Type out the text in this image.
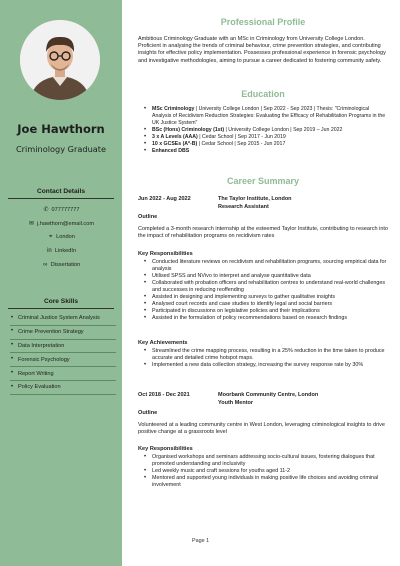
Joe Hawthorn
Criminology Graduate
Contact Details
✆ 077777777
✉ j.hawthorn@email.com
⌖ London
in LinkedIn
∞ Dissertation
Core Skills
• Criminal Justice System Analysis
• Crime Prevention Strategy
• Data Interpretation
• Forensic Psychology
• Report Writing
• Policy Evaluation
Professional Profile
Ambitious Criminology Graduate with an MSc in Criminology from University College London. Proficient in analysing the trends of criminal behaviour, crime prevention strategies, and contributing insights for effective policy implementation. Possesses professional experience in forensic psychology and investigative methodologies, aiming to pursue a career dedicated to fostering community safety.
Education
• MSc Criminology | University College London | Sep 2022 - Sep 2023 | Thesis: "Criminological Analysis of Recidivism Reduction Strategies: Evaluating the Efficacy of Rehabilitation Programs in the UK Justice System"
• BSc (Hons) Criminology (1st) | University College London | Sep 2019 – Jun 2022
• 3 x A Levels (AAA) | Cedar School | Sep 2017 - Jun 2019
• 10 x GCSEs (A*-B) | Cedar School | Sep 2015 - Jun 2017
• Enhanced DBS
Career Summary
Jun 2022 - Aug 2022	The Taylor Institute, London
Research Assistant
Outline
Completed a 3-month research internship at the esteemed Taylor Institute, contributing to research into the impact of rehabilitation programs on recidivism rates
Key Responsibilities
• Conducted literature reviews on recidivism and rehabilitation programs, sourcing empirical data for analysis
• Utilised SPSS and NVivo to interpret and analyse quantitative data
• Collaborated with probation officers and rehabilitation centres to understand real-world challenges and successes in reducing reoffending
• Assisted in designing and implementing surveys to gather qualitative insights
• Analysed court records and case studies to identify legal and social barriers
• Participated in discussions on legislative policies and their implications
• Assisted in the formulation of policy recommendations based on research findings
Key Achievements
• Streamlined the crime mapping process, resulting in a 25% reduction in the time taken to produce accurate and detailed crime hotspot maps.
• Implemented a new data collection strategy, increasing the survey response rate by 30%
Oct 2018 - Dec 2021	Moorbank Community Centre, London
Youth Mentor
Outline
Volunteered at a leading community centre in West London, leveraging criminological insights to drive positive change at a grassroots level
Key Responsibilities
• Organised workshops and seminars addressing socio-cultural issues, fostering dialogues that promoted understanding and inclusivity
• Led weekly music and craft sessions for youths aged 11-2
• Mentored and supported young individuals in making positive life choices and avoiding criminal involvement
Page 1
